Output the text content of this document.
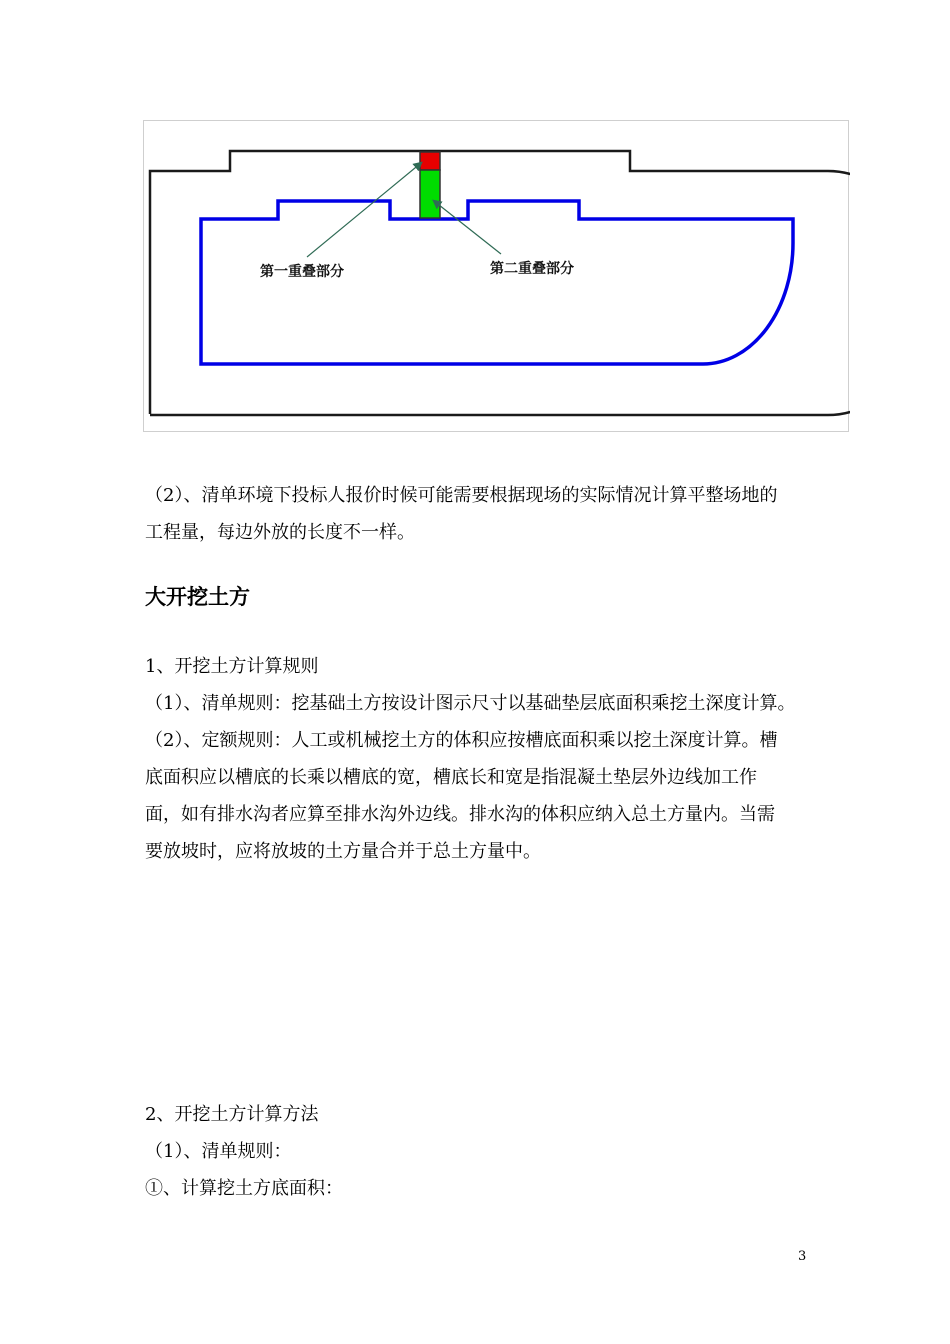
第一重叠部分	第二重叠部分

（2）、清单环境下投标人报价时候可能需要根据现场的实际情况计算平整场地的

工程量，每边外放的长度不一样。

大开挖土方

1、开挖土方计算规则

（1）、清单规则：挖基础土方按设计图示尺寸以基础垫层底面积乘挖土深度计算。

（2）、定额规则：人工或机械挖土方的体积应按槽底面积乘以挖土深度计算。槽

底面积应以槽底的长乘以槽底的宽，槽底长和宽是指混凝土垫层外边线加工作

面，如有排水沟者应算至排水沟外边线。排水沟的体积应纳入总土方量内。当需

要放坡时，应将放坡的土方量合并于总土方量中。

2、开挖土方计算方法

（1）、清单规则：

①、计算挖土方底面积：

3
